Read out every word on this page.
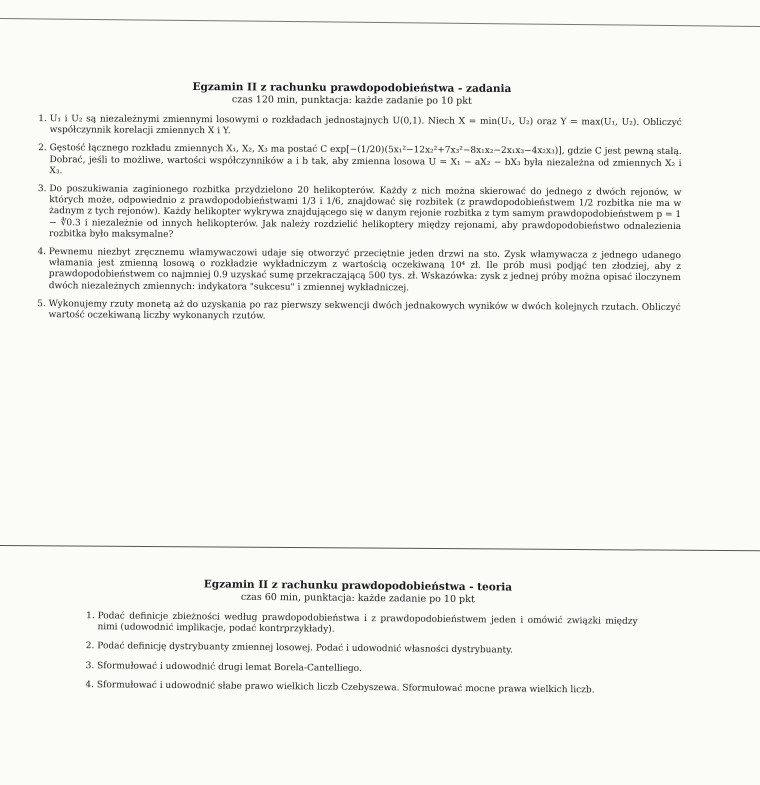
Egzamin II z rachunku prawdopodobieństwa - zadania
czas 120 min, punktacja: każde zadanie po 10 pkt
1. U₁ i U₂ są niezależnymi zmiennymi losowymi o rozkładach jednostajnych U(0,1). Niech X = min(U₁, U₂) oraz Y = max(U₁, U₂). Obliczyć współczynnik korelacji zmiennych X i Y.
2. Gęstość łącznego rozkładu zmiennych X₁, X₂, X₃ ma postać C exp[−(1/20)(5x₁²−12x₂²+7x₃²−8x₁x₂−2x₁x₃−4x₂x₃)], gdzie C jest pewną stałą. Dobrać, jeśli to możliwe, wartości współczynników a i b tak, aby zmienna losowa U = X₁ − aX₂ − bX₃ była niezależna od zmiennych X₂ i X₃.
3. Do poszukiwania zaginionego rozbitka przydzielono 20 helikopterów. Każdy z nich można skierować do jednego z dwóch rejonów, w których może, odpowiednio z prawdopodobieństwami 1/3 i 1/6, znajdować się rozbitek (z prawdopodobieństwem 1/2 rozbitka nie ma w żadnym z tych rejonów). Każdy helikopter wykrywa znajdującego się w danym rejonie rozbitka z tym samym prawdopodobieństwem p = 1 − ∜0.3 i niezależnie od innych helikopterów. Jak należy rozdzielić helikoptery między rejonami, aby prawdopodobieństwo odnalezienia rozbitka było maksymalne?
4. Pewnemu niezbyt zręcznemu włamywaczowi udaje się otworzyć przeciętnie jeden drzwi na sto. Zysk włamywacza z jednego udanego włamania jest zmienną losową o rozkładzie wykładniczym z wartością oczekiwaną 10⁴ zł. Ile prób musi podjąć ten złodziej, aby z prawdopodobieństwem co najmniej 0.9 uzyskać sumę przekraczającą 500 tys. zł. Wskazówka: zysk z jednej próby można opisać iloczynem dwóch niezależnych zmiennych: indykatora "sukcesu" i zmiennej wykładniczej.
5. Wykonujemy rzuty monetą aż do uzyskania po raz pierwszy sekwencji dwóch jednakowych wyników w dwóch kolejnych rzutach. Obliczyć wartość oczekiwaną liczby wykonanych rzutów.
Egzamin II z rachunku prawdopodobieństwa - teoria
czas 60 min, punktacja: każde zadanie po 10 pkt
1. Podać definicje zbieżności według prawdopodobieństwa i z prawdopodobieństwem jeden i omówić związki między nimi (udowodnić implikacje, podać kontrprzykłady).
2. Podać definicję dystrybuanty zmiennej losowej. Podać i udowodnić własności dystrybuanty.
3. Sformułować i udowodnić drugi lemat Borela-Cantelliego.
4. Sformułować i udowodnić słabe prawo wielkich liczb Czebyszewa. Sformułować mocne prawa wielkich liczb.
